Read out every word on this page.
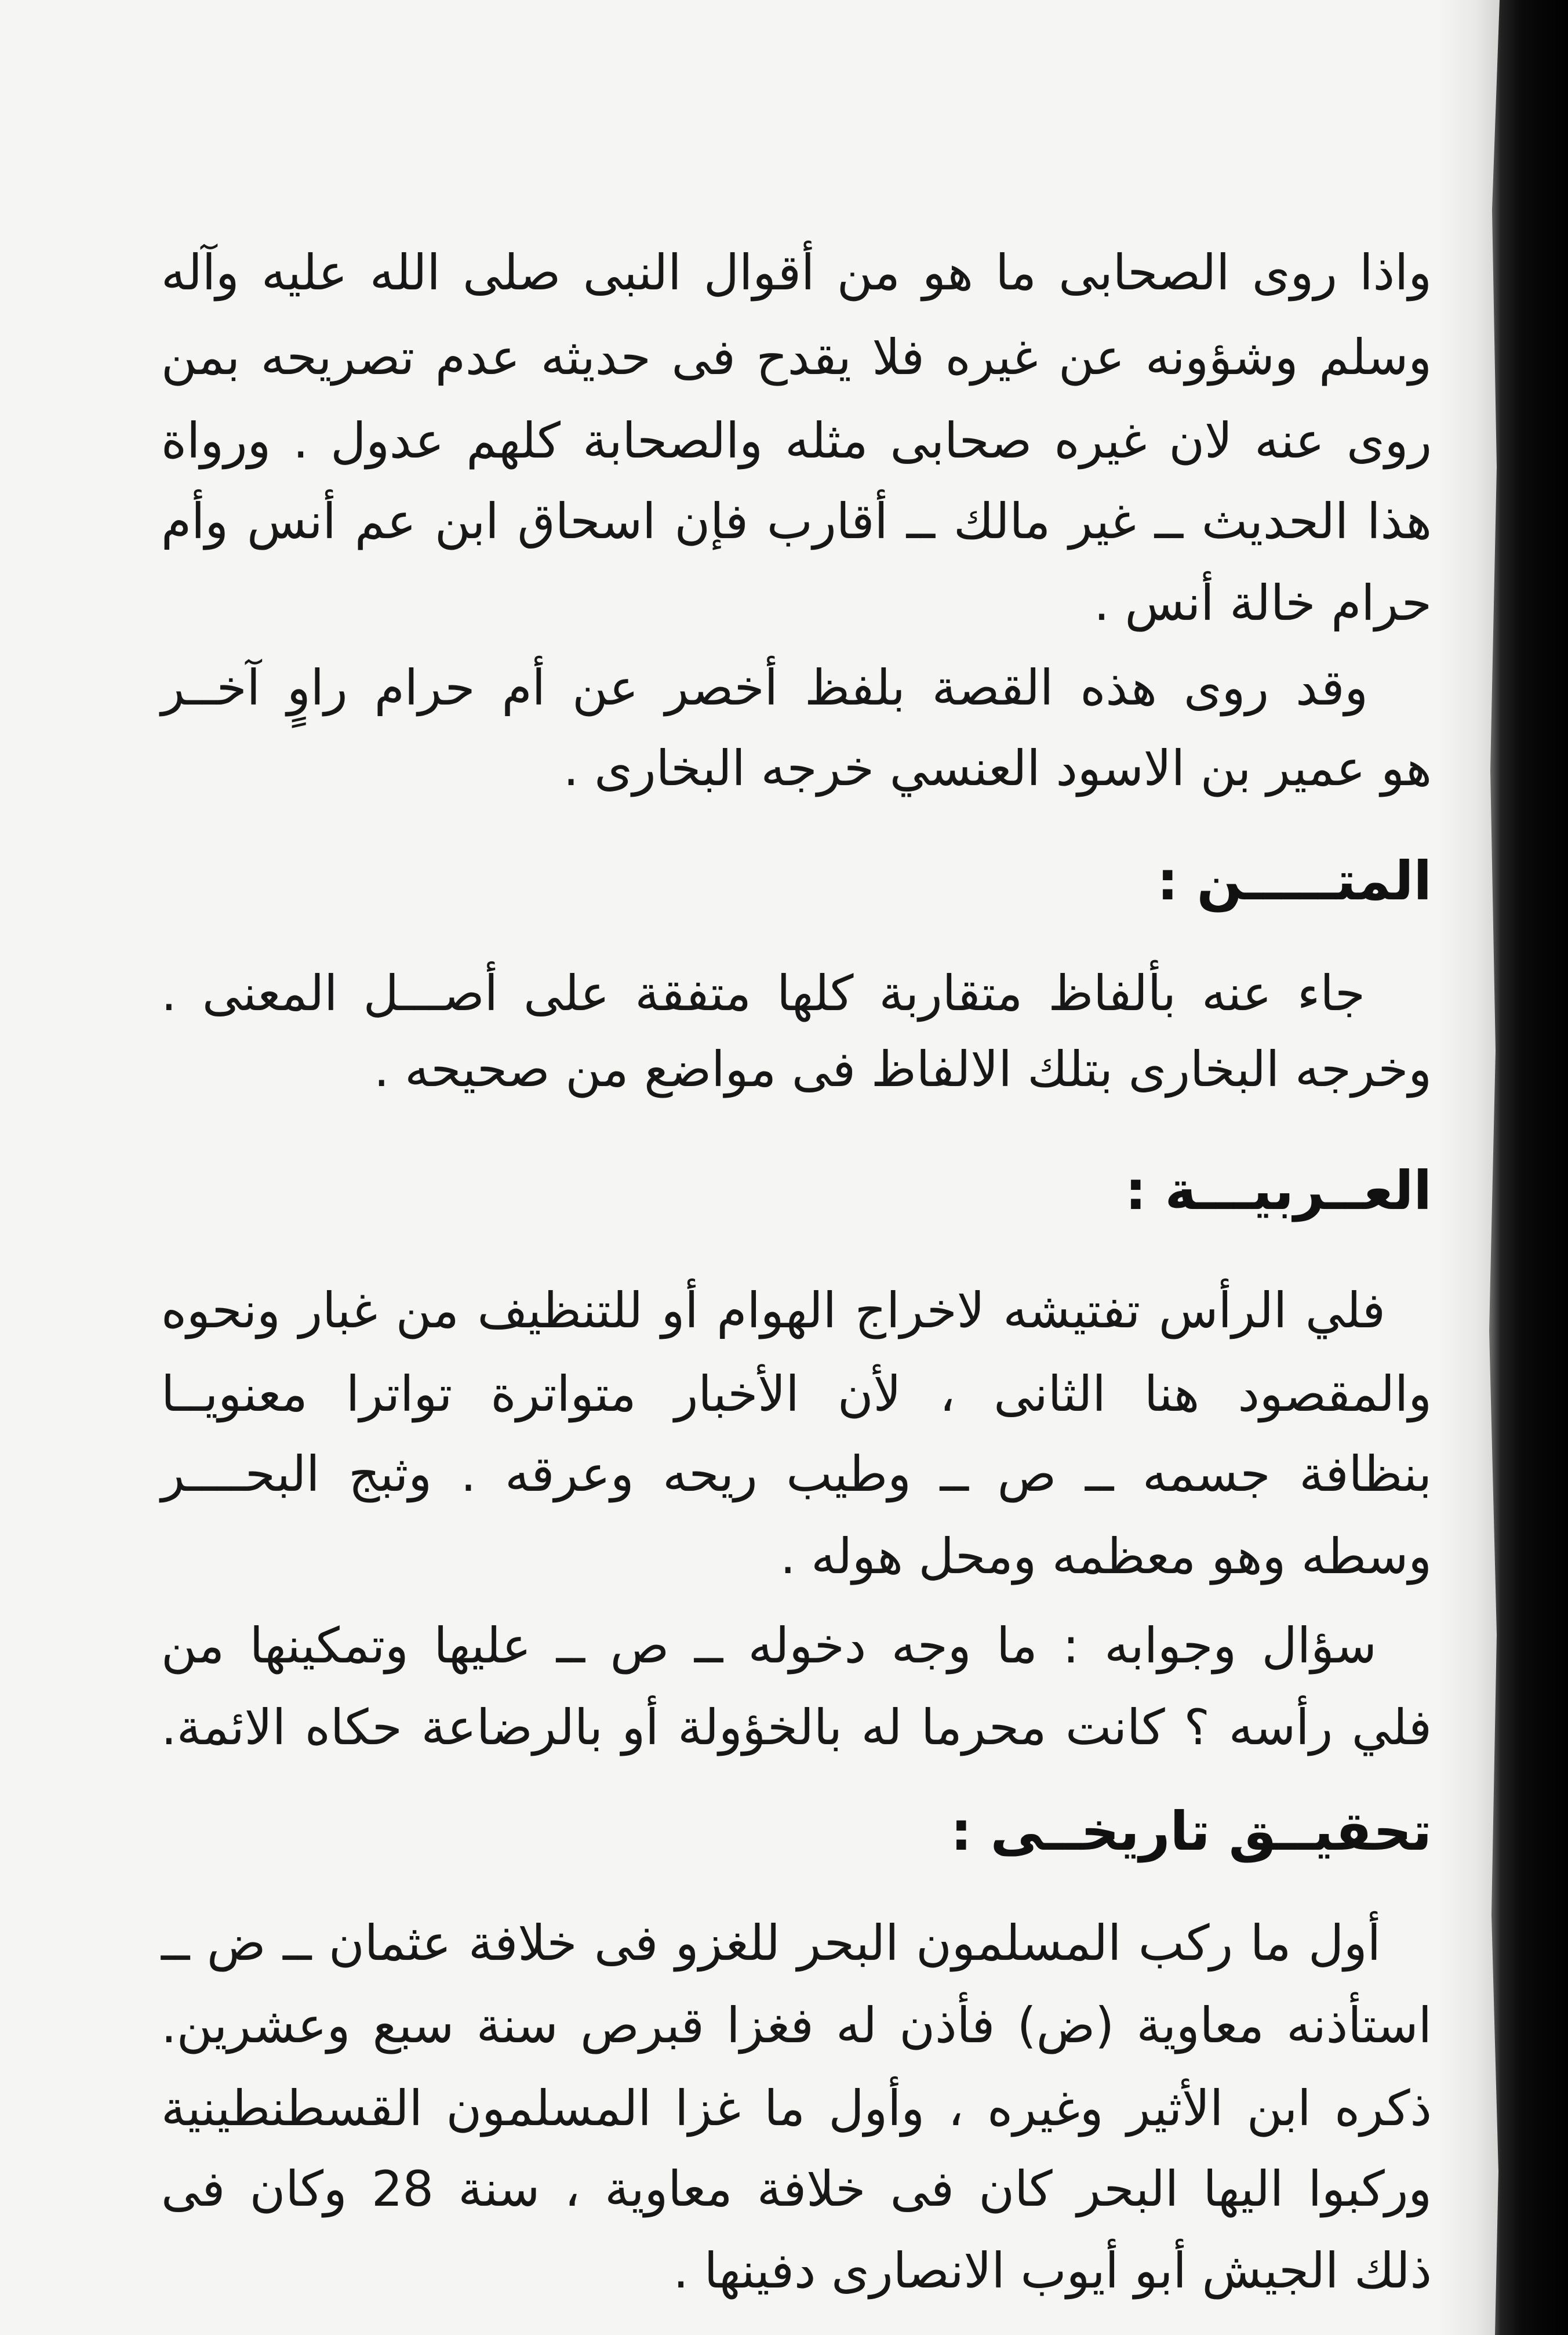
واذا روى الصحابى ما هو من أقوال النبى صلى الله عليه وآله
وسلم وشؤونه عن غيره فلا يقدح فى حديثه عدم تصريحه بمن
روى عنه لان غيره صحابى مثله والصحابة كلهم عدول . ورواة
هذا الحديث ــ غير مالك ــ أقارب فإن اسحاق ابن عم أنس وأم
حرام خالة أنس .
وقد روى هذه القصة بلفظ أخصر عن أم حرام راوٍ آخــر
هو عمير بن الاسود العنسي خرجه البخارى .
المتـــــن :
جاء عنه بألفاظ متقاربة كلها متفقة على أصـــل المعنى .
وخرجه البخارى بتلك الالفاظ فى مواضع من صحيحه .
العــربيـــة :
فلي الرأس تفتيشه لاخراج الهوام أو للتنظيف من غبار ونحوه
والمقصود هنا الثانى ، لأن الأخبار متواترة تواترا معنويــا
بنظافة جسمه ــ ص ــ وطيب ريحه وعرقه . وثبج البحــــر
وسطه وهو معظمه ومحل هوله .
سؤال وجوابه : ما وجه دخوله ــ ص ــ عليها وتمكينها من
فلي رأسه ؟ كانت محرما له بالخؤولة أو بالرضاعة حكاه الائمة.
تحقيــق تاريخــى :
أول ما ركب المسلمون البحر للغزو فى خلافة عثمان ــ ض ــ
استأذنه معاوية (ض) فأذن له فغزا قبرص سنة سبع وعشرين.
ذكره ابن الأثير وغيره ، وأول ما غزا المسلمون القسطنطينية
وركبوا اليها البحر كان فى خلافة معاوية ، سنة 28 وكان فى
ذلك الجيش أبو أيوب الانصارى دفينها .
